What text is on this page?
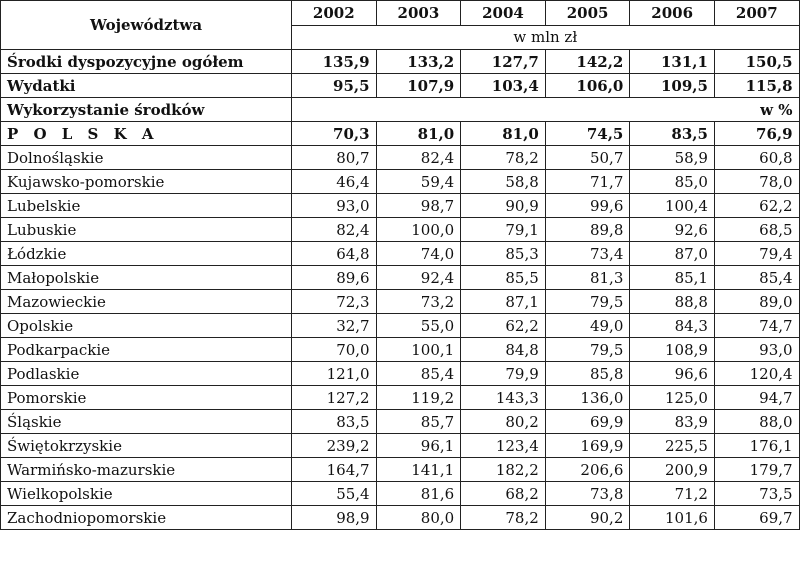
Województwa	2002	2003	2004	2005	2006	2007
	w mln zł					
Środki dyspozycyjne ogółem	135,9	133,2	127,7	142,2	131,1	150,5
Wydatki	95,5	107,9	103,4	106,0	109,5	115,8
Wykorzystanie środków	w %					
P O L S K A	70,3	81,0	81,0	74,5	83,5	76,9
Dolnośląskie	80,7	82,4	78,2	50,7	58,9	60,8
Kujawsko-pomorskie	46,4	59,4	58,8	71,7	85,0	78,0
Lubelskie	93,0	98,7	90,9	99,6	100,4	62,2
Lubuskie	82,4	100,0	79,1	89,8	92,6	68,5
Łódzkie	64,8	74,0	85,3	73,4	87,0	79,4
Małopolskie	89,6	92,4	85,5	81,3	85,1	85,4
Mazowieckie	72,3	73,2	87,1	79,5	88,8	89,0
Opolskie	32,7	55,0	62,2	49,0	84,3	74,7
Podkarpackie	70,0	100,1	84,8	79,5	108,9	93,0
Podlaskie	121,0	85,4	79,9	85,8	96,6	120,4
Pomorskie	127,2	119,2	143,3	136,0	125,0	94,7
Śląskie	83,5	85,7	80,2	69,9	83,9	88,0
Świętokrzyskie	239,2	96,1	123,4	169,9	225,5	176,1
Warmińsko-mazurskie	164,7	141,1	182,2	206,6	200,9	179,7
Wielkopolskie	55,4	81,6	68,2	73,8	71,2	73,5
Zachodniopomorskie	98,9	80,0	78,2	90,2	101,6	69,7
